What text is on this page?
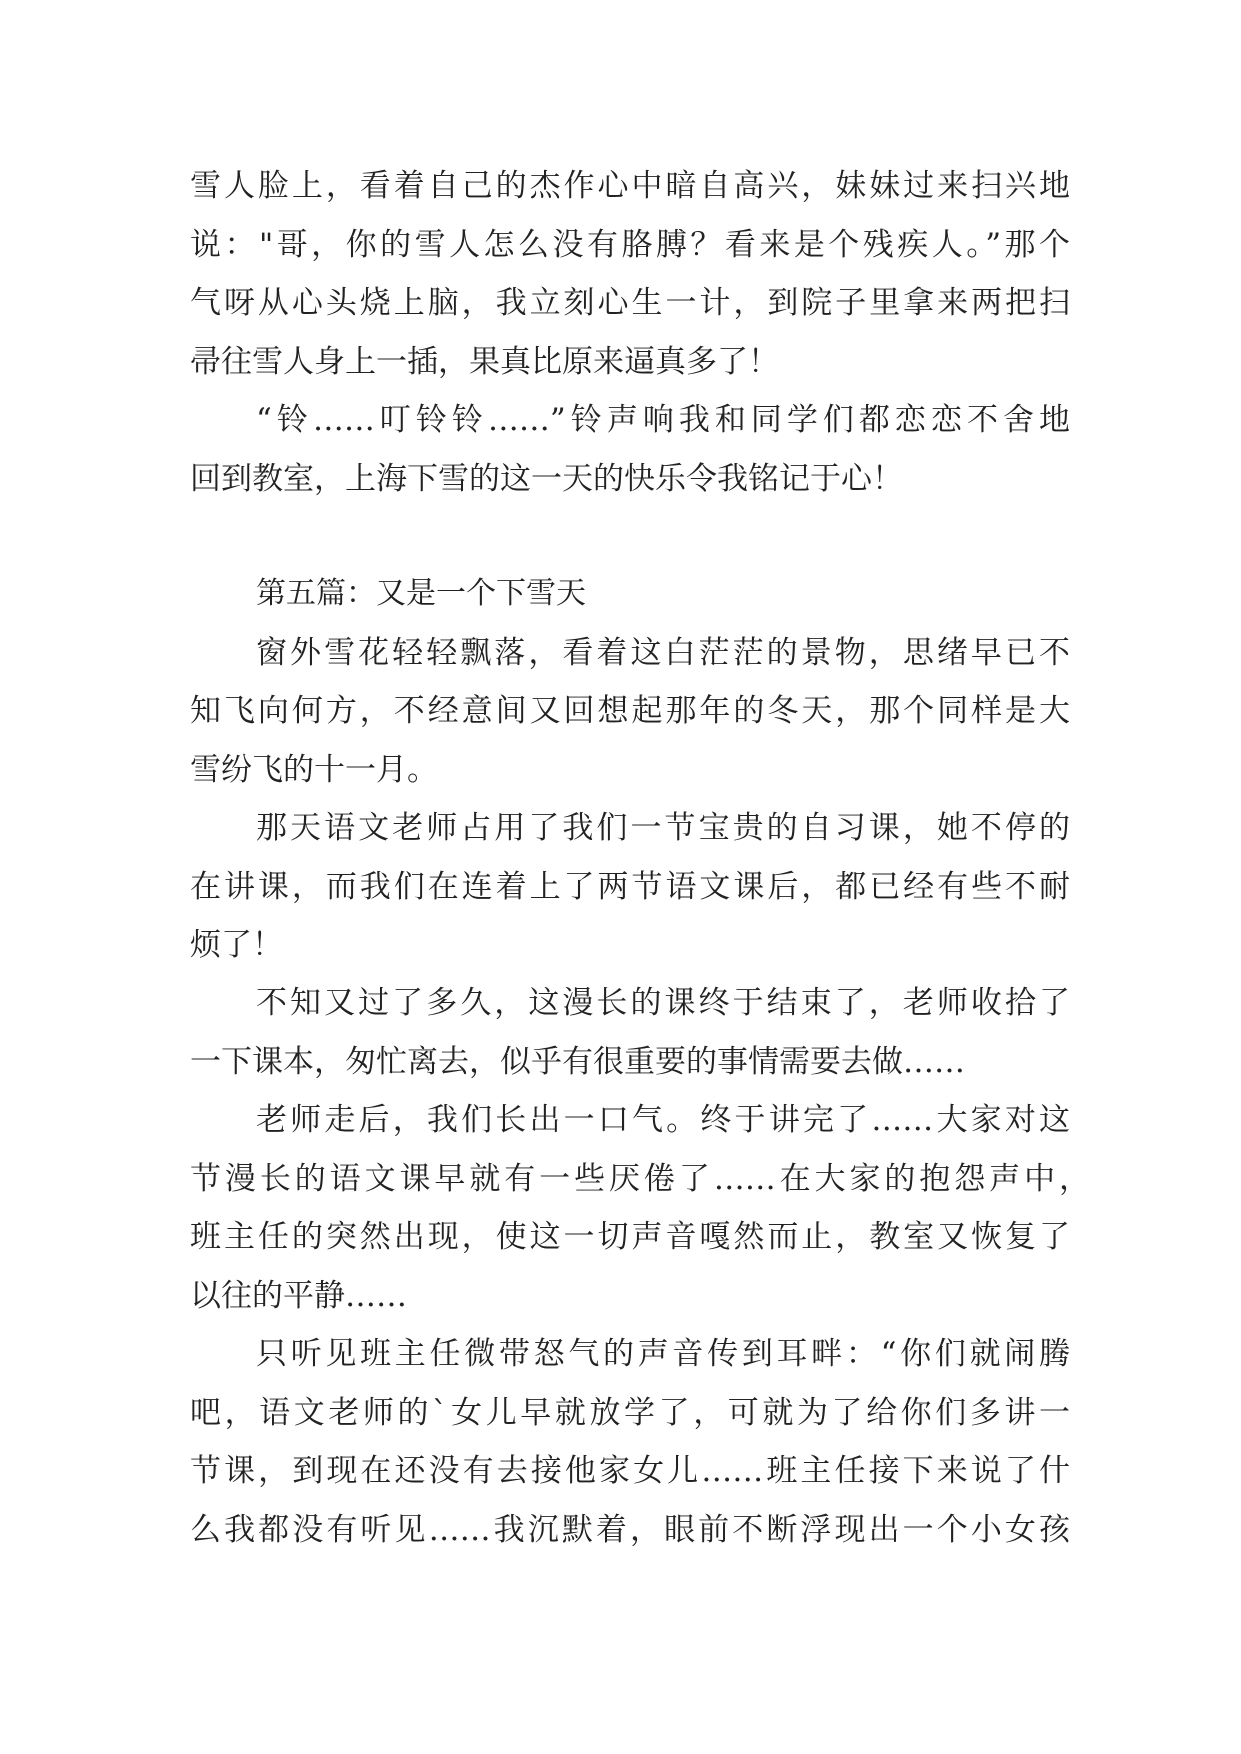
雪人脸上，看着自己的杰作心中暗自高兴，妹妹过来扫兴地
说："哥，你的雪人怎么没有胳膊？看来是个残疾人。”那个
气呀从心头烧上脑，我立刻心生一计，到院子里拿来两把扫
帚往雪人身上一插，果真比原来逼真多了！
“铃……叮铃铃……”铃声响我和同学们都恋恋不舍地
回到教室，上海下雪的这一天的快乐令我铭记于心！
第五篇：又是一个下雪天
窗外雪花轻轻飘落，看着这白茫茫的景物，思绪早已不
知飞向何方，不经意间又回想起那年的冬天，那个同样是大
雪纷飞的十一月。
那天语文老师占用了我们一节宝贵的自习课，她不停的
在讲课，而我们在连着上了两节语文课后，都已经有些不耐
烦了！
不知又过了多久，这漫长的课终于结束了，老师收拾了
一下课本，匆忙离去，似乎有很重要的事情需要去做……
老师走后，我们长出一口气。终于讲完了……大家对这
节漫长的语文课早就有一些厌倦了……在大家的抱怨声中，
班主任的突然出现，使这一切声音嘎然而止，教室又恢复了
以往的平静……
只听见班主任微带怒气的声音传到耳畔：“你们就闹腾
吧，语文老师的`女儿早就放学了，可就为了给你们多讲一
节课，到现在还没有去接他家女儿……班主任接下来说了什
么我都没有听见……我沉默着，眼前不断浮现出一个小女孩
